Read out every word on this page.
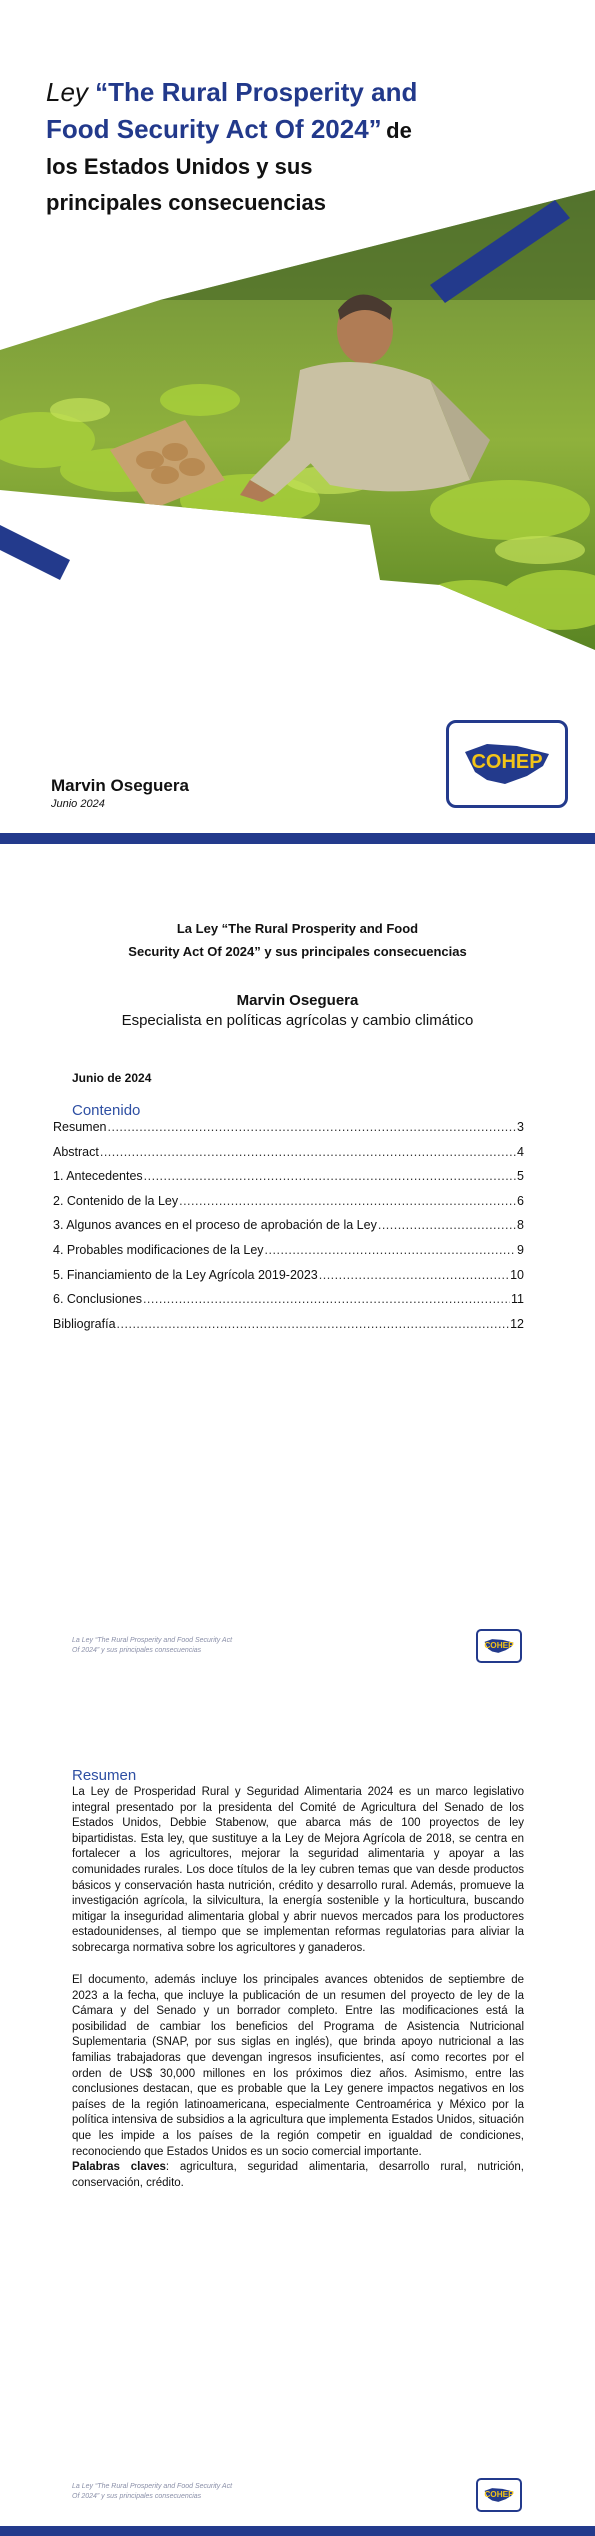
Ley “The Rural Prosperity and Food Security Act Of 2024” de los Estados Unidos y sus principales consecuencias
Marvin Oseguera
Junio 2024
COHEP
La Ley “The Rural Prosperity and Food
Security Act Of 2024” y sus principales consecuencias
Marvin Oseguera
Especialista en políticas agrícolas y cambio climático
Junio de 2024
Contenido
Resumen .....	3
Abstract .....	4
1. Antecedentes .....	5
2. Contenido de la Ley .....	6
3. Algunos avances en el proceso de aprobación de la Ley .....	8
4. Probables modificaciones de la Ley .....	9
5. Financiamiento de la Ley Agrícola 2019-2023 .....	10
6. Conclusiones .....	11
Bibliografía .....	12
La Ley “The Rural Prosperity and Food Security Act
Of 2024” y sus principales consecuencias
COHEP
Resumen
La Ley de Prosperidad Rural y Seguridad Alimentaria 2024 es un marco legislativo integral presentado por la presidenta del Comité de Agricultura del Senado de los Estados Unidos, Debbie Stabenow, que abarca más de 100 proyectos de ley bipartidistas. Esta ley, que sustituye a la Ley de Mejora Agrícola de 2018, se centra en fortalecer a los agricultores, mejorar la seguridad alimentaria y apoyar a las comunidades rurales. Los doce títulos de la ley cubren temas que van desde productos básicos y conservación hasta nutrición, crédito y desarrollo rural. Además, promueve la investigación agrícola, la silvicultura, la energía sostenible y la horticultura, buscando mitigar la inseguridad alimentaria global y abrir nuevos mercados para los productores estadounidenses, al tiempo que se implementan reformas regulatorias para aliviar la sobrecarga normativa sobre los agricultores y ganaderos.
El documento, además incluye los principales avances obtenidos de septiembre de 2023 a la fecha, que incluye la publicación de un resumen del proyecto de ley de la Cámara y del Senado y un borrador completo. Entre las modificaciones está la posibilidad de cambiar los beneficios del Programa de Asistencia Nutricional Suplementaria (SNAP, por sus siglas en inglés), que brinda apoyo nutricional a las familias trabajadoras que devengan ingresos insuficientes, así como recortes por el orden de US$ 30,000 millones en los próximos diez años. Asimismo, entre las conclusiones destacan, que es probable que la Ley genere impactos negativos en los países de la región latinoamericana, especialmente Centroamérica y México por la política intensiva de subsidios a la agricultura que implementa Estados Unidos, situación que les impide a los países de la región competir en igualdad de condiciones, reconociendo que Estados Unidos es un socio comercial importante.
Palabras claves: agricultura, seguridad alimentaria, desarrollo rural, nutrición, conservación, crédito.
La Ley “The Rural Prosperity and Food Security Act
Of 2024” y sus principales consecuencias	COHEP
